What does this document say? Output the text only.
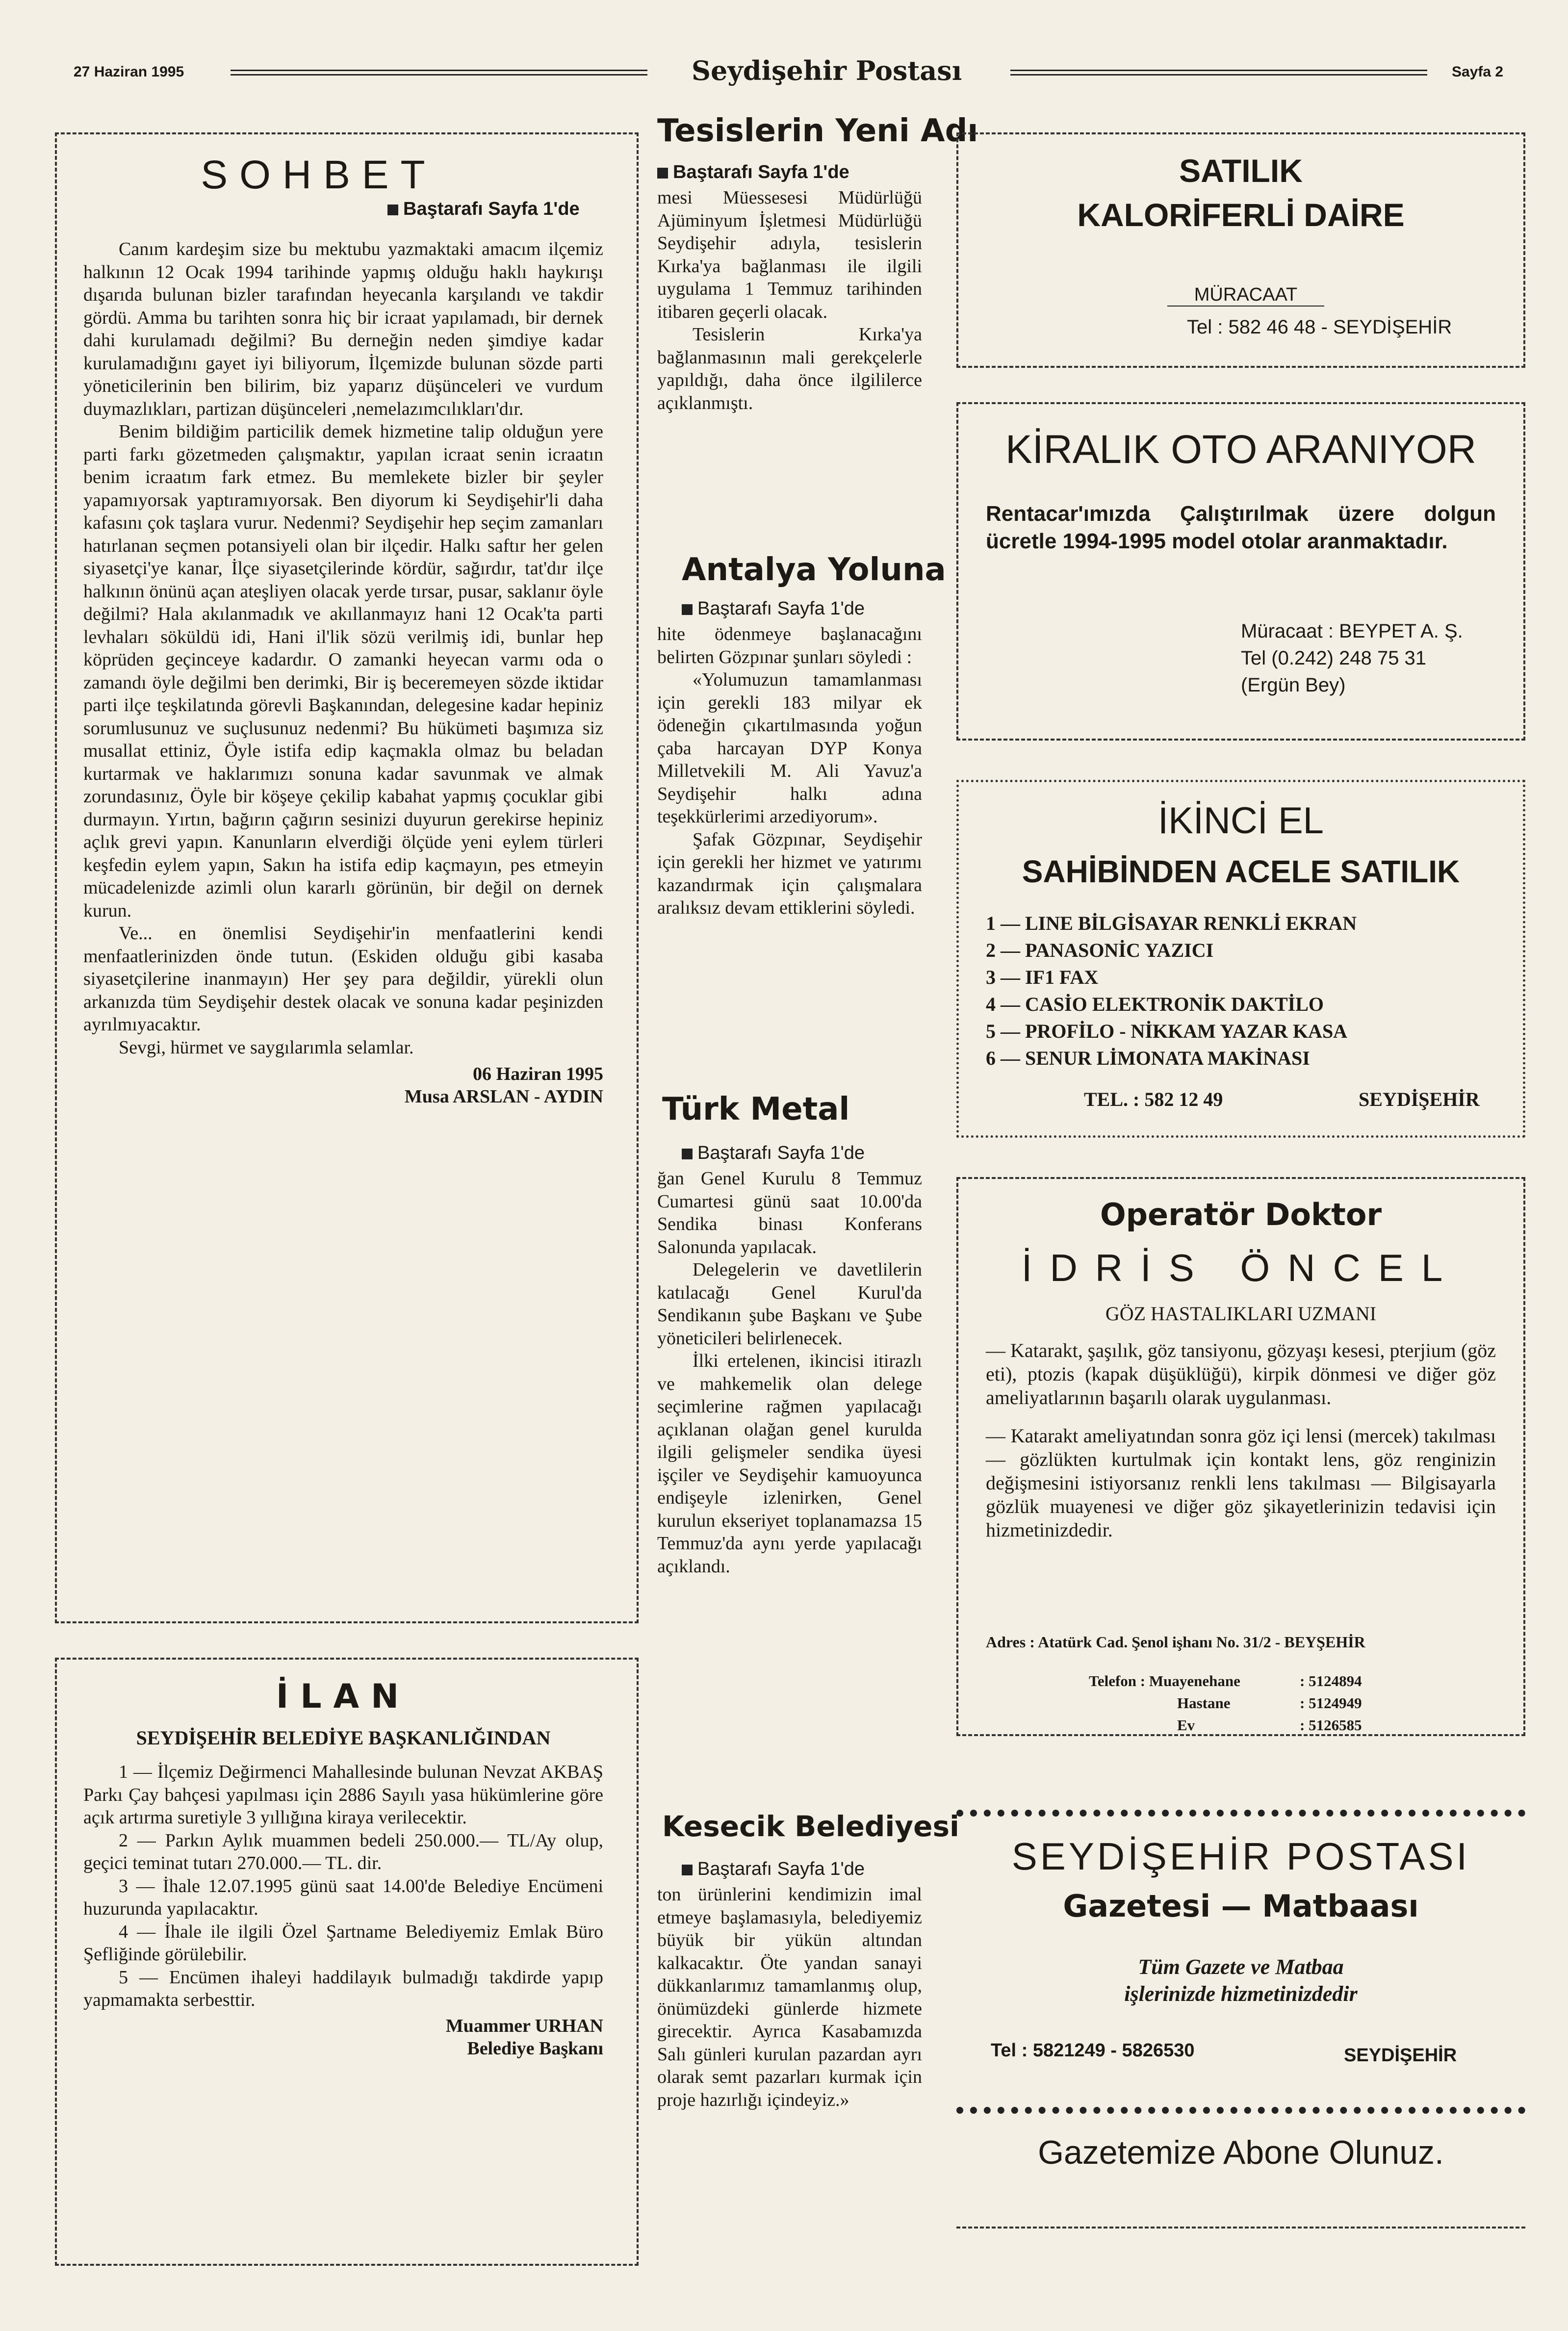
27 Haziran 1995	Seydişehir Postası	Sayfa 2
SOHBET
Baştarafı Sayfa 1'de

Canım kardeşim size bu mektubu yazmaktaki amacım ilçemiz halkının 12 Ocak 1994 tarihinde yapmış olduğu haklı haykırışı dışarıda bulunan bizler tarafından heyecanla karşılandı ve takdir gördü. Amma bu tarihten sonra hiç bir icraat yapılamadı, bir dernek dahi kurulamadı değilmi? Bu derneğin neden şimdiye kadar kurulamadığını gayet iyi biliyorum, İlçemizde bulunan sözde parti yöneticilerinin ben bilirim, biz yaparız düşünceleri ve vurdum duymazlıkları, partizan düşünceleri ,nemelazımcılıkları'dır.

Benim bildiğim particilik demek hizmetine talip olduğun yere parti farkı gözetmeden çalışmaktır, yapılan icraat senin icraatın benim icraatım fark etmez. Bu memlekete bizler bir şeyler yapamıyorsak yaptıramıyorsak. Ben diyorum ki Seydişehir'li daha kafasını çok taşlara vurur. Nedenmi? Seydişehir hep seçim zamanları hatırlanan seçmen potansiyeli olan bir ilçedir. Halkı saftır her gelen siyasetçi'ye kanar, İlçe siyasetçilerinde kördür, sağırdır, tat'dır ilçe halkının önünü açan ateşliyen olacak yerde tırsar, pusar, saklanır öyle değilmi? Hala akılanmadık ve akıllanmayız hani 12 Ocak'ta parti levhaları söküldü idi, Hani il'lik sözü verilmiş idi, bunlar hep köprüden geçinceye kadardır. O zamanki heyecan varmı oda o zamandı öyle değilmi ben derimki, Bir iş beceremeyen sözde iktidar parti ilçe teşkilatında görevli Başkanından, delegesine kadar hepiniz sorumlusunuz ve suçlusunuz nedenmi? Bu hükümeti başımıza siz musallat ettiniz, Öyle istifa edip kaçmakla olmaz bu beladan kurtarmak ve haklarımızı sonuna kadar savunmak ve almak zorundasınız, Öyle bir köşeye çekilip kabahat yapmış çocuklar gibi durmayın. Yırtın, bağırın çağırın sesinizi duyurun gerekirse hepiniz açlık grevi yapın. Kanunların elverdiği ölçüde yeni eylem türleri keşfedin eylem yapın, Sakın ha istifa edip kaçmayın, pes etmeyin mücadelenizde azimli olun kararlı görünün, bir değil on dernek kurun.

Ve... en önemlisi Seydişehir'in menfaatlerini kendi menfaatlerinizden önde tutun. (Eskiden olduğu gibi kasaba siyasetçilerine inanmayın) Her şey para değildir, yürekli olun arkanızda tüm Seydişehir destek olacak ve sonuna kadar peşinizden ayrılmıyacaktır.

Sevgi, hürmet ve saygılarımla selamlar.

06 Haziran 1995
Musa ARSLAN - AYDIN
İLAN
SEYDİŞEHİR BELEDİYE BAŞKANLIĞINDAN

1 — İlçemiz Değirmenci Mahallesinde bulunan Nevzat AKBAŞ Parkı Çay bahçesi yapılması için 2886 Sayılı yasa hükümlerine göre açık artırma suretiyle 3 yıllığına kiraya verilecektir.

2 — Parkın Aylık muammen bedeli 250.000.— TL/Ay olup, geçici teminat tutarı 270.000.— TL. dir.

3 — İhale 12.07.1995 günü saat 14.00'de Belediye Encümeni huzurunda yapılacaktır.

4 — İhale ile ilgili Özel Şartname Belediyemiz Emlak Büro Şefliğinde görülebilir.

5 — Encümen ihaleyi haddilayık bulmadığı takdirde yapıp yapmamakta serbesttir.

Muammer URHAN
Belediye Başkanı
Tesislerin Yeni Adı
Baştarafı Sayfa 1'de

mesi Müessesesi Müdürlüğü Ajüminyum İşletmesi Müdürlüğü Seydişehir adıyla, tesislerin Kırka'ya bağlanması ile ilgili uygulama 1 Temmuz tarihinden itibaren geçerli olacak.

Tesislerin Kırka'ya bağlanmasının mali gerekçelerle yapıldığı, daha önce ilgililerce açıklanmıştı.

Antalya Yoluna
Baştarafı Sayfa 1'de

hite ödenmeye başlanacağını belirten Gözpınar şunları söyledi :

«Yolumuzun tamamlanması için gerekli 183 milyar ek ödeneğin çıkartılmasında yoğun çaba harcayan DYP Konya Milletvekili M. Ali Yavuz'a Seydişehir halkı adına teşekkürlerimi arzediyorum».

Şafak Gözpınar, Seydişehir için gerekli her hizmet ve yatırımı kazandırmak için çalışmalara aralıksız devam ettiklerini söyledi.

Türk Metal
Baştarafı Sayfa 1'de

ğan Genel Kurulu 8 Temmuz Cumartesi günü saat 10.00'da Sendika binası Konferans Salonunda yapılacak.

Delegelerin ve davetlilerin katılacağı Genel Kurul'da Sendikanın şube Başkanı ve Şube yöneticileri belirlenecek.

İlki ertelenen, ikincisi itirazlı ve mahkemelik olan delege seçimlerine rağmen yapılacağı açıklanan olağan genel kurulda ilgili gelişmeler sendika üyesi işçiler ve Seydişehir kamuoyunca endişeyle izlenirken, Genel kurulun ekseriyet toplanamazsa 15 Temmuz'da aynı yerde yapılacağı açıklandı.

Kesecik Belediyesi
Baştarafı Sayfa 1'de

ton ürünlerini kendimizin imal etmeye başlamasıyla, belediyemiz büyük bir yükün altından kalkacaktır. Öte yandan sanayi dükkanlarımız tamamlanmış olup, önümüzdeki günlerde hizmete girecektir. Ayrıca Kasabamızda Salı günleri kurulan pazardan ayrı olarak semt pazarları kurmak için proje hazırlığı içindeyiz.»

SATILIK
KALORİFERLİ DAİRE
MÜRACAAT
Tel : 582 46 48 - SEYDİŞEHİR
KİRALIK OTO ARANIYOR
Rentacar'ımızda Çalıştırılmak üzere dolgun ücretle 1994-1995 model otolar aranmaktadır.
Müracaat : BEYPET A. Ş.
Tel (0.242) 248 75 31
(Ergün Bey)
İKİNCİ EL
SAHİBİNDEN ACELE SATILIK
1 — LINE BİLGİSAYAR RENKLİ EKRAN
2 — PANASONİC YAZICI
3 — IF1 FAX
4 — CASİO ELEKTRONİK DAKTİLO
5 — PROFİLO - NİKKAM YAZAR KASA
6 — SENUR LİMONATA MAKİNASI
TEL. : 582 12 49	SEYDİŞEHİR
Operatör Doktor
İDRİS ÖNCEL
GÖZ HASTALIKLARI UZMANI

— Katarakt, şaşılık, göz tansiyonu, gözyaşı kesesi, pterjium (göz eti), ptozis (kapak düşüklüğü), kirpik dönmesi ve diğer göz ameliyatlarının başarılı olarak uygulanması.

— Katarakt ameliyatından sonra göz içi lensi (mercek) takılması — gözlükten kurtulmak için kontakt lens, göz renginizin değişmesini istiyorsanız renkli lens takılması — Bilgisayarla gözlük muayenesi ve diğer göz şikayetlerinizin tedavisi için hizmetinizdedir.

Adres : Atatürk Cad. Şenol işhanı No. 31/2 - BEYŞEHİR
Telefon : Muayenehane	: 5124894
Hastane	: 5124949
Ev	: 5126585
SEYDİŞEHİR POSTASI
Gazetesi — Matbaası
Tüm Gazete ve Matbaa
işlerinizde hizmetinizdedir
Tel : 5821249 - 5826530	SEYDİŞEHİR
Gazetemize Abone Olunuz.
